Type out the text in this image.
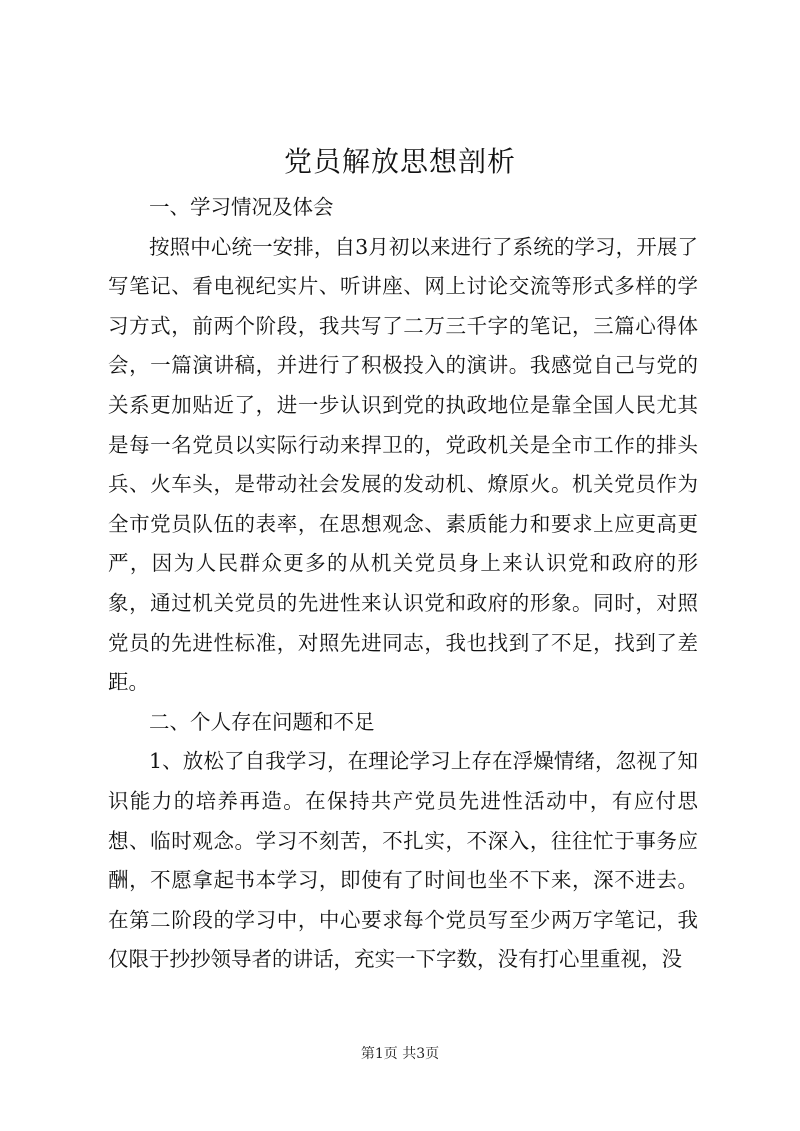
党员解放思想剖析

一、学习情况及体会

按照中心统一安排，自3月初以来进行了系统的学习，开展了写笔记、看电视纪实片、听讲座、网上讨论交流等形式多样的学习方式，前两个阶段，我共写了二万三千字的笔记，三篇心得体会，一篇演讲稿，并进行了积极投入的演讲。我感觉自己与党的关系更加贴近了，进一步认识到党的执政地位是靠全国人民尤其是每一名党员以实际行动来捍卫的，党政机关是全市工作的排头兵、火车头，是带动社会发展的发动机、燎原火。机关党员作为全市党员队伍的表率，在思想观念、素质能力和要求上应更高更严，因为人民群众更多的从机关党员身上来认识党和政府的形象，通过机关党员的先进性来认识党和政府的形象。同时，对照党员的先进性标准，对照先进同志，我也找到了不足，找到了差距。

二、个人存在问题和不足

1、放松了自我学习，在理论学习上存在浮燥情绪，忽视了知识能力的培养再造。在保持共产党员先进性活动中，有应付思想、临时观念。学习不刻苦，不扎实，不深入，往往忙于事务应酬，不愿拿起书本学习，即使有了时间也坐不下来，深不进去。在第二阶段的学习中，中心要求每个党员写至少两万字笔记，我仅限于抄抄领导者的讲话，充实一下字数，没有打心里重视，没

第1页 共3页
